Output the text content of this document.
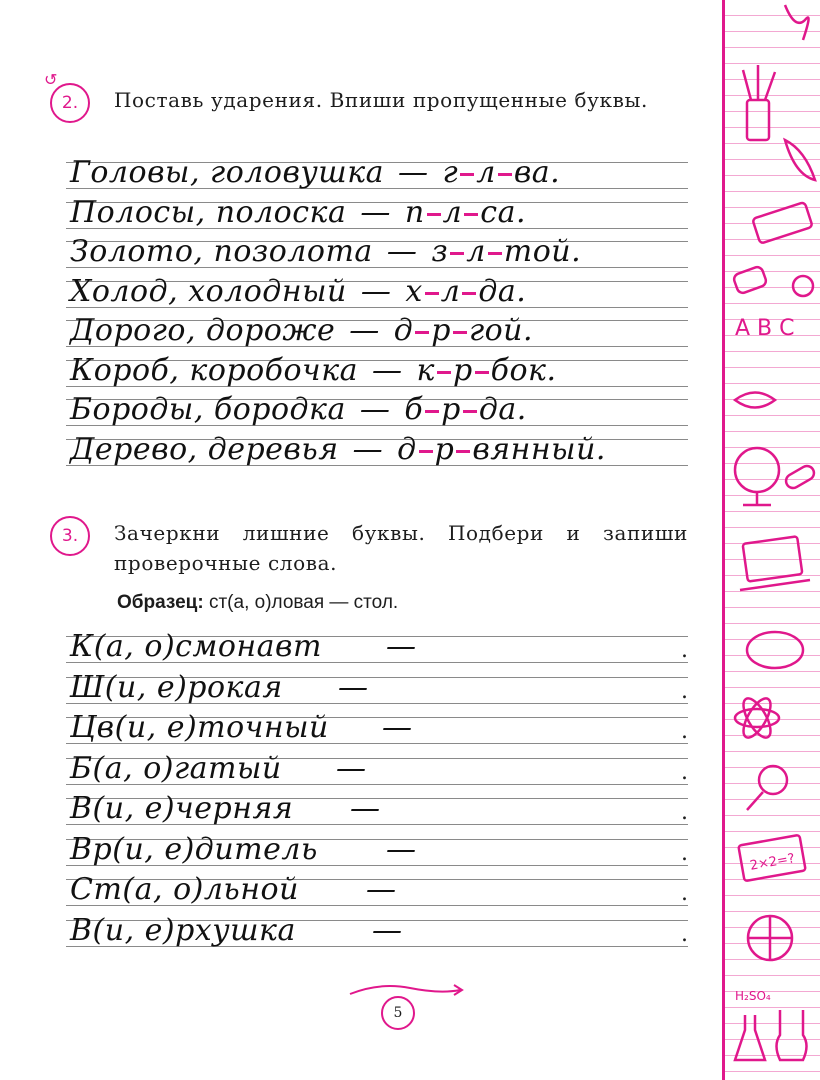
2.
↺
Поставь ударения. Впиши пропущенные буквы.
Головы, головушка — г л ва.
Полосы, полоска — п л са.
Золото, позолота — з л той.
Холод, холодный — х л да.
Дорого, дороже — д р гой.
Короб, коробочка — к р бок.
Бороды, бородка — б р да.
Дерево, деревья — д р вянный.
3.	Зачеркни лишние буквы. Подбери и запиши проверочные слова.
Образец: ст(а, о)ловая — стол.
К(а, о)смонавт —	.
Ш(и, е)рокая —	.
Цв(и, е)точный —	.
Б(а, о)гатый —	.
В(и, е)черняя —	.
Вр(и, е)дитель —	.
Ст(а, о)льной —	.
В(и, е)рхушка	—	.
5
A B C
2×2=?
H₂SO₄
